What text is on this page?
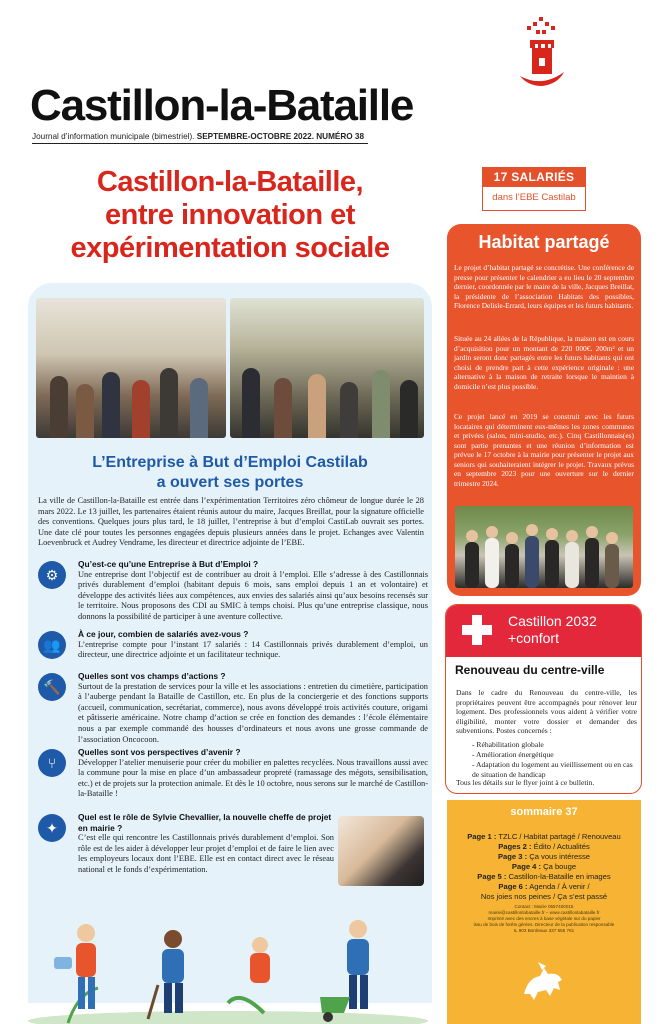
Castillon-la-Bataille
Journal d’information municipale (bimestriel). SEPTEMBRE-OCTOBRE 2022. NUMÉRO 38
Castillon-la-Bataille,
entre innovation et
expérimentation sociale
L’Entreprise à But d’Emploi Castilab
a ouvert ses portes
La ville de Castillon-la-Bataille est entrée dans l’expérimentation Territoires zéro chômeur de longue durée le 28 mars 2022. Le 13 juillet, les partenaires étaient réunis autour du maire, Jacques Breillat, pour la signature officielle des conventions. Quelques jours plus tard, le 18 juillet, l’entreprise à but d’emploi CastiLab ouvrait ses portes. Une date clé pour toutes les personnes engagées depuis plusieurs années dans le projet. Echanges avec Valentin Loevenbruck et Audrey Vendrame, les directeur et directrice adjointe de l’EBE.
⚙
Qu’est-ce qu’une Entreprise à But d’Emploi ?
Une entreprise dont l’objectif est de contribuer au droit à l’emploi. Elle s’adresse à des Castillonnais privés durablement d’emploi (habitant depuis 6 mois, sans emploi depuis 1 an et volontaire) et développe des activités liées aux compétences, aux envies des salariés ainsi qu’aux besoins recensés sur le territoire. Nous proposons des CDI au SMIC à temps choisi. Plus qu’une entreprise classique, nous donnons la possibilité de participer à une aventure collective.
👥
À ce jour, combien de salariés avez-vous ?
L’entreprise compte pour l’instant 17 salariés : 14 Castillonnais privés durablement d’emploi, un directeur, une directrice adjointe et un facilitateur technique.
🔨
Quelles sont vos champs d’actions ?
Surtout de la prestation de services pour la ville et les associations : entretien du cimetière, participation à l’auberge pendant la Bataille de Castillon, etc. En plus de la conciergerie et des fonctions supports (accueil, communication, secrétariat, commerce), nous avons développé trois activités couture, origami et pâtisserie américaine. Notre champ d’action se crée en fonction des demandes : l’école élémentaire nous a par exemple commandé des housses d’ordinateurs et nous avons une grosse commande de l’association Oncocoon.
⑂
Quelles sont vos perspectives d’avenir ?
Développer l’atelier menuiserie pour créer du mobilier en palettes recyclées. Nous travaillons aussi avec la commune pour la mise en place d’un ambassadeur propreté (ramassage des mégots, sensibilisation, etc.) et de projets sur la protection animale. Et dès le 10 octobre, nous serons sur le marché de Castillon-la-Bataille !
✦
Quel est le rôle de Sylvie Chevallier, la nouvelle cheffe de projet en mairie ?
C’est elle qui rencontre les Castillonnais privés durablement d’emploi. Son rôle est de les aider à développer leur projet d’emploi et de faire le lien avec les employeurs locaux dont l’EBE. Elle est en contact direct avec le réseau national et le fonds d’expérimentation.
17 SALARIÉS
dans l’EBE Castilab
Habitat partagé
Le projet d’habitat partagé se concrétise. Une conférence de presse pour présenter le calendrier a eu lieu le 20 septembre dernier, coordonnée par le maire de la ville, Jacques Breillat, la présidente de l’association Habitats des possibles, Florence Delisle-Errard, leurs équipes et les futurs habitants.
Située au 24 allées de la République, la maison est en cours d’acquisition pour un montant de 220 000€. 200m² et un jardin seront donc partagés entre les futurs habitants qui ont choisi de prendre part à cette expérience originale : une alternative à la maison de retraite lorsque le maintien à domicile n’est plus possible.
Ce projet lancé en 2019 se construit avec les futurs locataires qui déterminent eux-mêmes les zones communes et privées (salon, mini-studio, etc.). Cinq Castillonnais(es) sont partie prenantes et une réunion d’information est prévue le 17 octobre à la mairie pour présenter le projet aux seniors qui souhaiteraient intégrer le projet. Travaux prévus en septembre 2023 pour une ouverture sur le dernier trimestre 2024.
Castillon 2032
+confort
Renouveau du centre-ville
Dans le cadre du Renouveau du centre-ville, les propriétaires peuvent être accompagnés pour rénover leur logement. Des professionnels vous aident à vérifier votre éligibilité, monter votre dossier et demander des subventions. Postes concernés :
- Réhabilitation globale
- Amélioration énergétique
- Adaptation du logement au vieillissement ou en cas de situation de handicap
Tous les détails sur le flyer joint à ce bulletin.
sommaire 37
Page 1 : TZLC / Habitat partagé / Renouveau
Pages 2 : Édito / Actualités
Page 3 : Ça vous intéresse
Page 4 : Ça bouge
Page 5 : Castillon-la-Bataille en images
Page 6 : Agenda / À venir /
Nos joies nos peines / Ça s’est passé
Contact : Mairie 0557400015
mairie@castillonlabataille.fr – www.castillonlabataille.fr
Imprimé avec des encres à base végétale sur du papier
issu de bois de forêts gérées. Directeur de la publication responsable
IL 903 Bordeaux 337 555 761
